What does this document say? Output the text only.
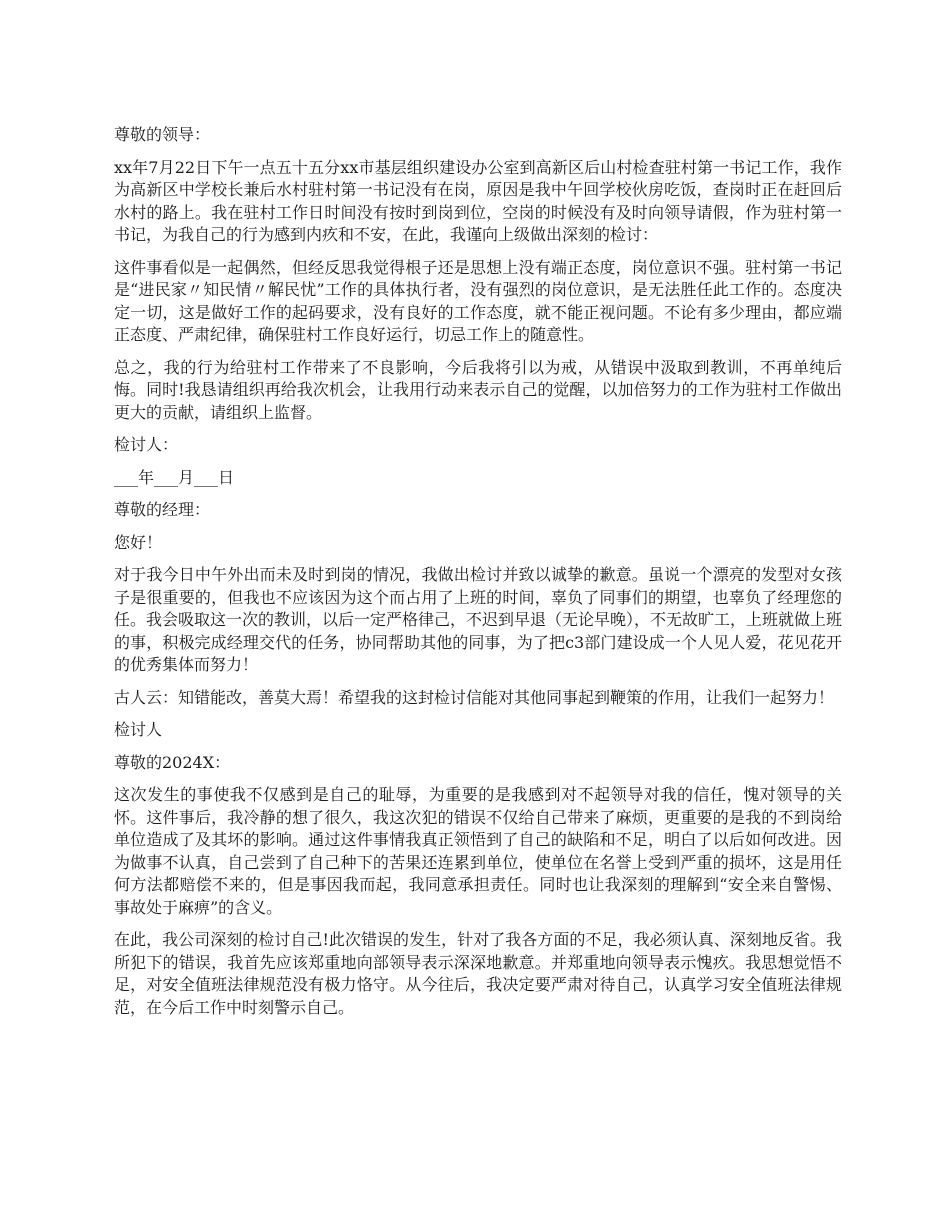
尊敬的领导：

xx年7月22日下午一点五十五分xx市基层组织建设办公室到高新区后山村检查驻村第一书记工作，我作为高新区中学校长兼后水村驻村第一书记没有在岗，原因是我中午回学校伙房吃饭，查岗时正在赶回后水村的路上。我在驻村工作日时间没有按时到岗到位，空岗的时候没有及时向领导请假，作为驻村第一书记，为我自己的行为感到内疚和不安，在此，我谨向上级做出深刻的检讨：

这件事看似是一起偶然，但经反思我觉得根子还是思想上没有端正态度，岗位意识不强。驻村第一书记是“进民家〃知民情〃解民忧”工作的具体执行者，没有强烈的岗位意识，是无法胜任此工作的。态度决定一切，这是做好工作的起码要求，没有良好的工作态度，就不能正视问题。不论有多少理由，都应端正态度、严肃纪律，确保驻村工作良好运行，切忌工作上的随意性。

总之，我的行为给驻村工作带来了不良影响，今后我将引以为戒，从错误中汲取到教训，不再单纯后悔。同时!我恳请组织再给我次机会，让我用行动来表示自己的觉醒，以加倍努力的工作为驻村工作做出更大的贡献，请组织上监督。

检讨人：

___年___月___日

尊敬的经理：

您好！

对于我今日中午外出而未及时到岗的情况，我做出检讨并致以诚挚的歉意。虽说一个漂亮的发型对女孩子是很重要的，但我也不应该因为这个而占用了上班的时间，辜负了同事们的期望，也辜负了经理您的任。我会吸取这一次的教训，以后一定严格律己，不迟到早退（无论早晚），不无故旷工，上班就做上班的事，积极完成经理交代的任务，协同帮助其他的同事，为了把c3部门建设成一个人见人爱，花见花开的优秀集体而努力！

古人云：知错能改，善莫大焉！希望我的这封检讨信能对其他同事起到鞭策的作用，让我们一起努力！

检讨人

尊敬的2024X：

这次发生的事使我不仅感到是自己的耻辱，为重要的是我感到对不起领导对我的信任，愧对领导的关怀。这件事后，我冷静的想了很久，我这次犯的错误不仅给自己带来了麻烦，更重要的是我的不到岗给单位造成了及其坏的影响。通过这件事情我真正领悟到了自己的缺陷和不足，明白了以后如何改进。因为做事不认真，自己尝到了自己种下的苦果还连累到单位，使单位在名誉上受到严重的损坏，这是用任何方法都赔偿不来的，但是事因我而起，我同意承担责任。同时也让我深刻的理解到“安全来自警惕、事故处于麻痹”的含义。

在此，我公司深刻的检讨自己!此次错误的发生，针对了我各方面的不足，我必须认真、深刻地反省。我所犯下的错误，我首先应该郑重地向部领导表示深深地歉意。并郑重地向领导表示愧疚。我思想觉悟不足，对安全值班法律规范没有极力恪守。从今往后，我决定要严肃对待自己，认真学习安全值班法律规范，在今后工作中时刻警示自己。
